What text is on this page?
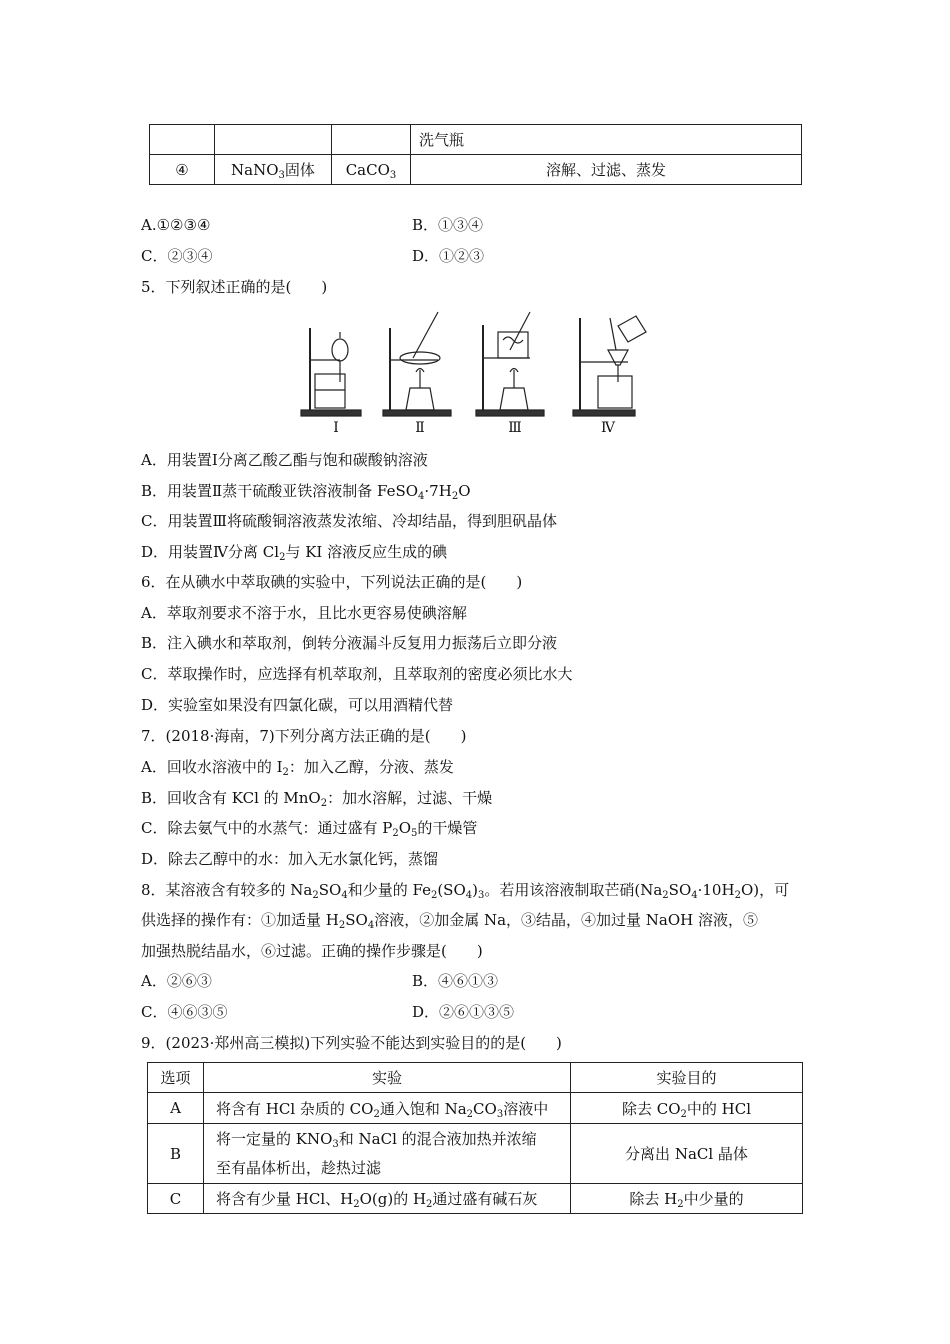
			洗气瓶
④	NaNO$_3$固体	CaCO$_3$	溶解、过滤、蒸发
A.①②③④	B．①③④
C．②③④	D．①②③
5．下列叙述正确的是(　　)
Ⅰ	Ⅱ	Ⅲ	Ⅳ
A．用装置Ⅰ分离乙酸乙酯与饱和碳酸钠溶液
B．用装置Ⅱ蒸干硫酸亚铁溶液制备 $FeSO_4\cdot 7H_2O$
C．用装置Ⅲ将硫酸铜溶液蒸发浓缩、冷却结晶，得到胆矾晶体
D．用装置Ⅳ分离 $Cl_2$与 KI 溶液反应生成的碘
6．在从碘水中萃取碘的实验中，下列说法正确的是(　　)
A．萃取剂要求不溶于水，且比水更容易使碘溶解
B．注入碘水和萃取剂，倒转分液漏斗反复用力振荡后立即分液
C．萃取操作时，应选择有机萃取剂，且萃取剂的密度必须比水大
D．实验室如果没有四氯化碳，可以用酒精代替
7．(2018·海南，7)下列分离方法正确的是(　　)
A．回收水溶液中的 $I_2$：加入乙醇，分液、蒸发
B．回收含有 KCl 的 MnO$_2$：加水溶解，过滤、干燥
C．除去氨气中的水蒸气：通过盛有 $P_2O_5$的干燥管
D．除去乙醇中的水：加入无水氯化钙，蒸馏
8．某溶液含有较多的 $Na_2SO_4$和少量的 $Fe_2(SO_4)_3$。若用该溶液制取芒硝$(Na_2SO_4\cdot 10H_2O)$，可
供选择的操作有：①加适量 $H_2SO_4$溶液，②加金属 Na，③结晶，④加过量 NaOH 溶液，⑤
加强热脱结晶水，⑥过滤。正确的操作步骤是(　　)
A．②⑥③	B．④⑥①③
C．④⑥③⑤	D．②⑥①③⑤
9．(2023·郑州高三模拟)下列实验不能达到实验目的的是(　　)
选项	实验	实验目的
A	将含有 HCl 杂质的 $CO_2$通入饱和 $Na_2CO_3$溶液中	除去 $CO_2$中的 HCl
B	将一定量的 $KNO_3$和 NaCl 的混合液加热并浓缩
至有晶体析出，趁热过滤	分离出 NaCl 晶体
C	将含有少量 HCl、$H_2O(g)$的 $H_2$通过盛有碱石灰	除去 $H_2$中少量的
